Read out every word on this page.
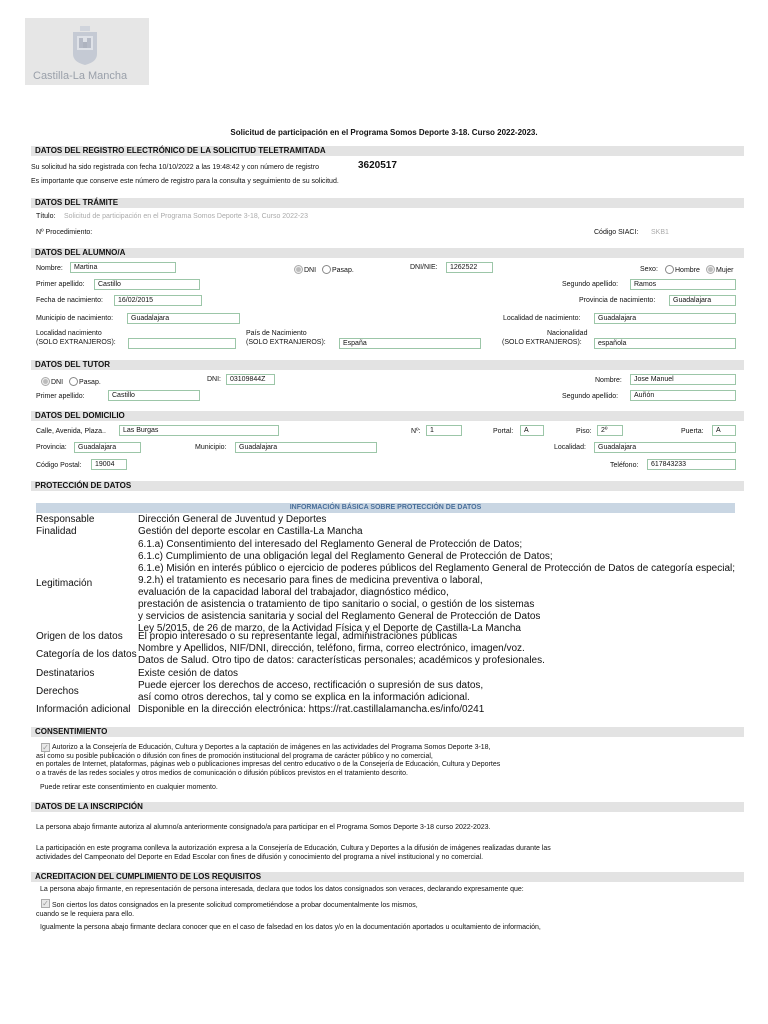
Castilla-La Mancha
Solicitud de participación en el Programa Somos Deporte 3-18. Curso 2022-2023.
DATOS DEL REGISTRO ELECTRÓNICO DE LA SOLICITUD TELETRAMITADA
Su solicitud ha sido registrada con fecha 10/10/2022 a las 19:48:42 y con número de registro	3620517
Es importante que conserve este número de registro para la consulta y seguimiento de su solicitud.
DATOS DEL TRÁMITE
Título: Solicitud de participación en el Programa Somos Deporte 3-18, Curso 2022-23
Nº Procedimiento:	Código SIACI: SKB1
DATOS DEL ALUMNO/A
Nombre:	Martina	DNI	Pasap.	DNI/NIE:	1262522	Sexo:	Hombre	Mujer
Primer apellido:	Castillo	Segundo apellido:	Ramos
Fecha de nacimiento:	16/02/2015	Provincia de nacimiento:	Guadalajara
Municipio de nacimiento:	Guadalajara	Localidad de nacimiento:	Guadalajara
Localidad nacimiento
(SOLO EXTRANJEROS):
País de Nacimiento
(SOLO EXTRANJEROS):	España
Nacionalidad
(SOLO EXTRANJEROS):	española
DATOS DEL TUTOR
DNI	Pasap.	DNI:	03109844Z	Nombre:	Jose Manuel
Primer apellido:	Castillo	Segundo apellido:	Auñón
DATOS DEL DOMICILIO
Calle, Avenida, Plaza..	Las Burgas	Nº:	1	Portal:	A	Piso:	2º	Puerta:	A
Provincia:	Guadalajara	Municipio:	Guadalajara	Localidad:	Guadalajara
Código Postal:	19004	Teléfono:	617843233
PROTECCIÓN DE DATOS
INFORMACIÓN BÁSICA SOBRE PROTECCIÓN DE DATOS
Responsable	Dirección General de Juventud y Deportes
Finalidad	Gestión del deporte escolar en Castilla-La Mancha
Legitimación
6.1.a) Consentimiento del interesado del Reglamento General de Protección de Datos;
6.1.c) Cumplimiento de una obligación legal del Reglamento General de Protección de Datos;
6.1.e) Misión en interés público o ejercicio de poderes públicos del Reglamento General de Protección de Datos de categoría especial;
9.2.h) el tratamiento es necesario para fines de medicina preventiva o laboral,
evaluación de la capacidad laboral del trabajador, diagnóstico médico,
prestación de asistencia o tratamiento de tipo sanitario o social, o gestión de los sistemas
y servicios de asistencia sanitaria y social del Reglamento General de Protección de Datos
Ley 5/2015, de 26 de marzo, de la Actividad Física y el Deporte de Castilla-La Mancha
Origen de los datos El propio interesado o su representante legal, administraciones públicas
Categoría de los datos
Nombre y Apellidos, NIF/DNI, dirección, teléfono, firma, correo electrónico, imagen/voz.
Datos de Salud. Otro tipo de datos: características personales; académicos y profesionales.
Destinatarios	Existe cesión de datos
Derechos
Puede ejercer los derechos de acceso, rectificación o supresión de sus datos,
así como otros derechos, tal y como se explica en la información adicional.
Información adicional Disponible en la dirección electrónica: https://rat.castillalamancha.es/info/0241
CONSENTIMIENTO
✓ Autorizo a la Consejería de Educación, Cultura y Deportes a la captación de imágenes en las actividades del Programa Somos Deporte 3-18,
así como su posible publicación o difusión con fines de promoción institucional del programa de carácter público y no comercial,
en portales de Internet, plataformas, páginas web o publicaciones impresas del centro educativo o de la Consejería de Educación, Cultura y Deportes
o a través de las redes sociales y otros medios de comunicación o difusión públicos previstos en el tratamiento descrito.
Puede retirar este consentimiento en cualquier momento.
DATOS DE LA INSCRIPCIÓN
La persona abajo firmante autoriza al alumno/a anteriormente consignado/a para participar en el Programa Somos Deporte 3-18 curso 2022-2023.
La participación en este programa conlleva la autorización expresa a la Consejería de Educación, Cultura y Deportes a la difusión de imágenes realizadas durante las
actividades del Campeonato del Deporte en Edad Escolar con fines de difusión y conocimiento del programa a nivel institucional y no comercial.
ACREDITACION DEL CUMPLIMIENTO DE LOS REQUISITOS
La persona abajo firmante, en representación de persona interesada, declara que todos los datos consignados son veraces, declarando expresamente que:
✓ Son ciertos los datos consignados en la presente solicitud comprometiéndose a probar documentalmente los mismos,
cuando se le requiera para ello.
Igualmente la persona abajo firmante declara conocer que en el caso de falsedad en los datos y/o en la documentación aportados u ocultamiento de información,
